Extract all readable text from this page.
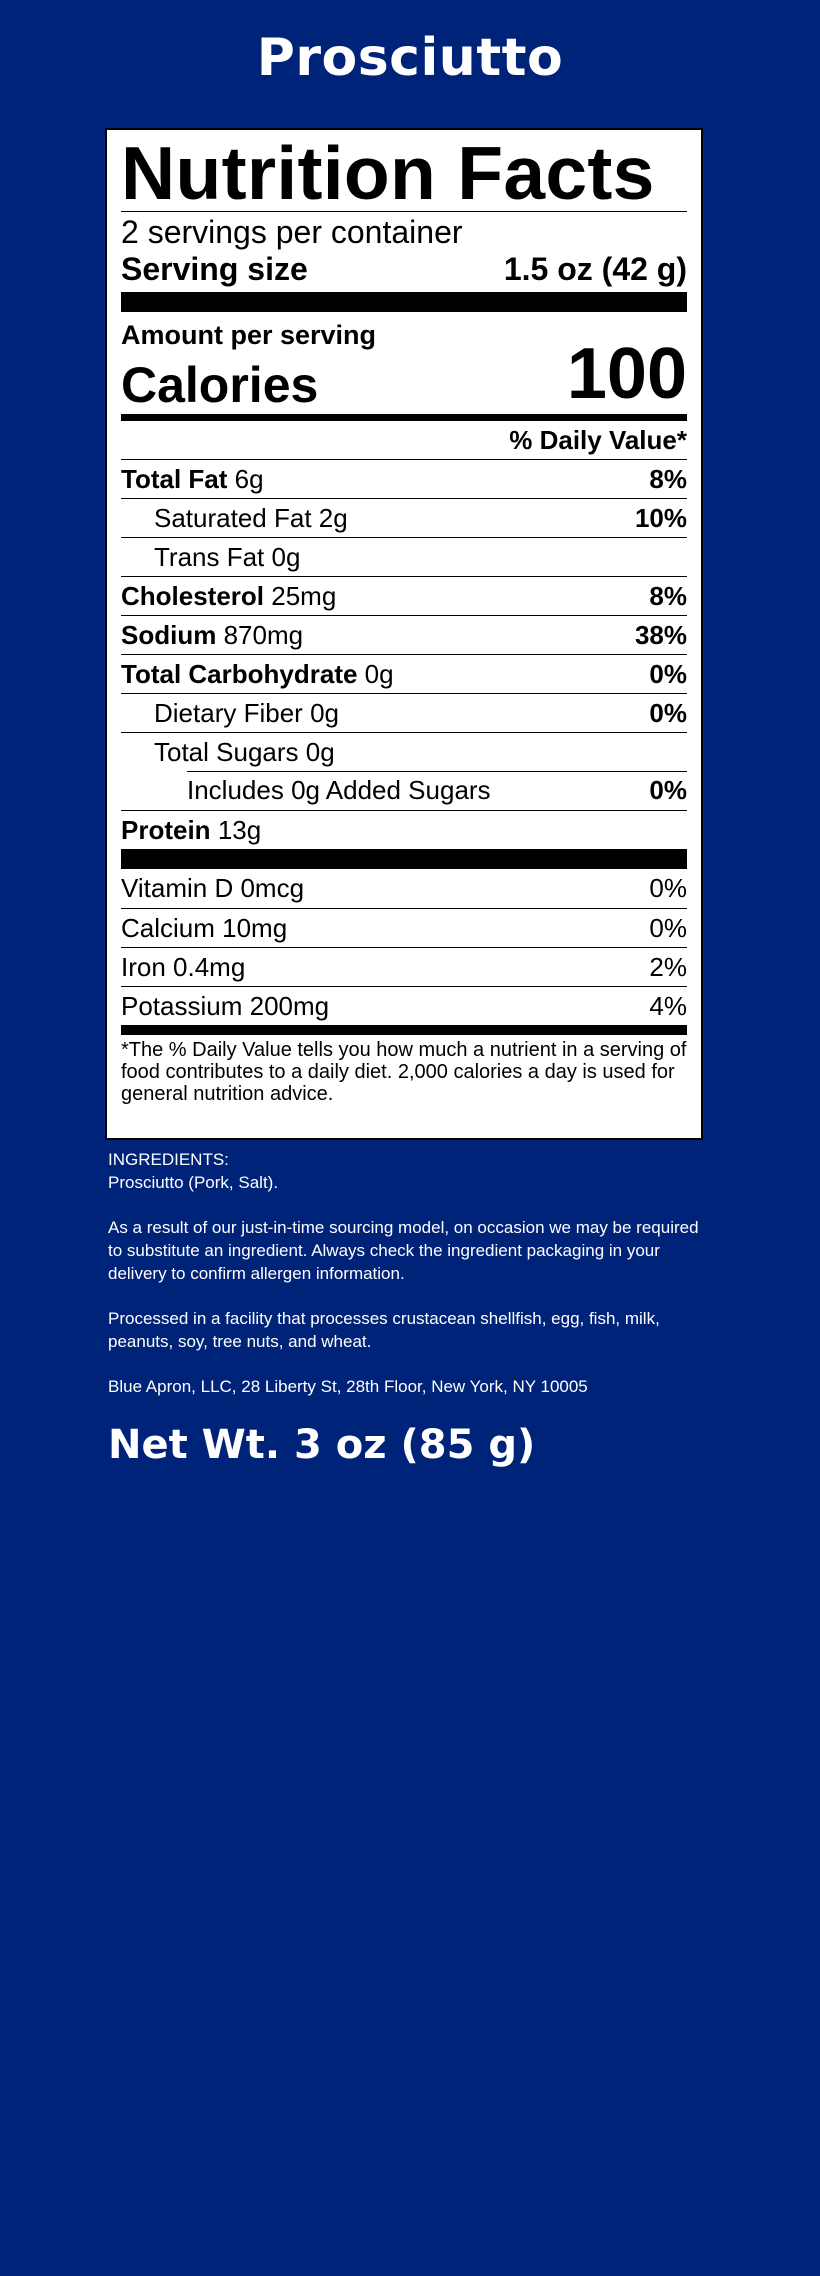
Prosciutto
Nutrition Facts
2 servings per container
Serving size	1.5 oz (42 g)
Amount per serving
Calories	100
% Daily Value*
Total Fat 6g	8%
Saturated Fat 2g	10%
Trans Fat 0g
Cholesterol 25mg	8%
Sodium 870mg	38%
Total Carbohydrate 0g	0%
Dietary Fiber 0g	0%
Total Sugars 0g
Includes 0g Added Sugars	0%
Protein 13g
Vitamin D 0mcg	0%
Calcium 10mg	0%
Iron 0.4mg	2%
Potassium 200mg	4%
*The % Daily Value tells you how much a nutrient in a serving of food contributes to a daily diet. 2,000 calories a day is used for general nutrition advice.

INGREDIENTS:
Prosciutto (Pork, Salt).

As a result of our just-in-time sourcing model, on occasion we may be required to substitute an ingredient. Always check the ingredient packaging in your delivery to confirm allergen information.

Processed in a facility that processes crustacean shellfish, egg, fish, milk, peanuts, soy, tree nuts, and wheat.

Blue Apron, LLC, 28 Liberty St, 28th Floor, New York, NY 10005

Net Wt. 3 oz (85 g)
